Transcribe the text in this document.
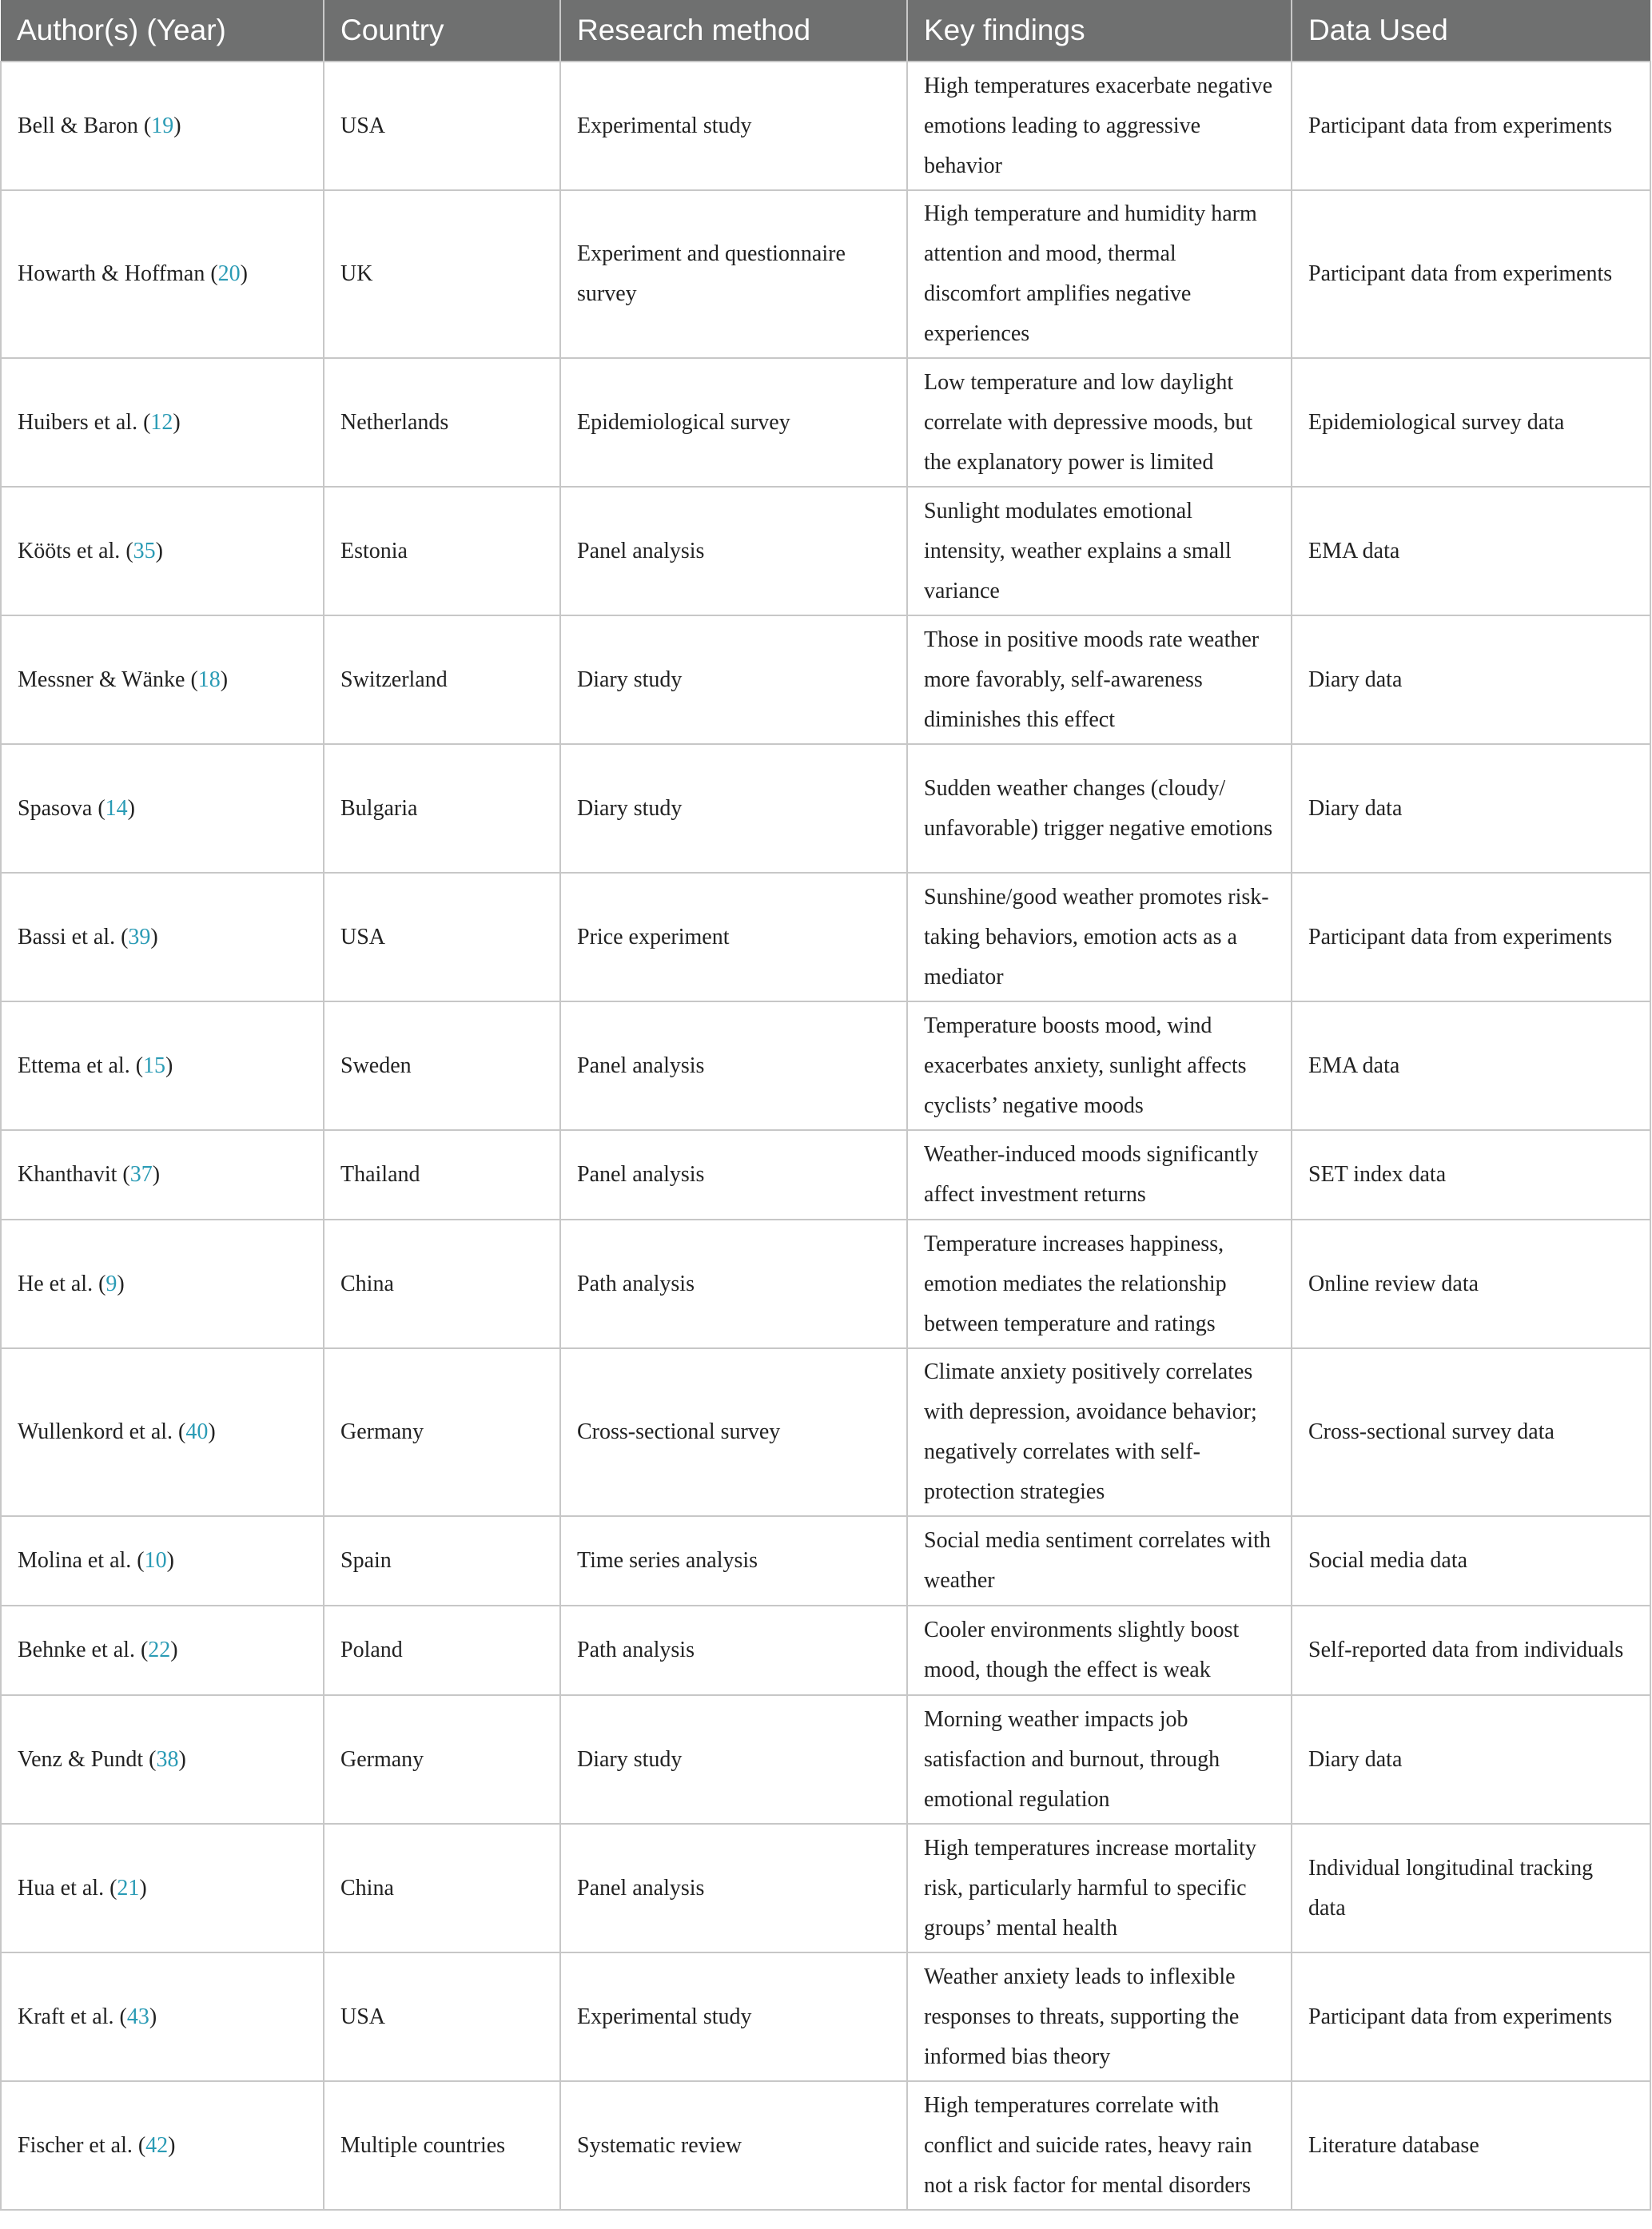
Author(s) (Year)	Country	Research method	Key findings	Data Used
Bell & Baron (19)	USA	Experimental study	High temperatures exacerbate negative emotions leading to aggressive behavior	Participant data from experiments
Howarth & Hoffman (20)	UK	Experiment and questionnaire survey	High temperature and humidity harm attention and mood, thermal discomfort amplifies negative experiences	Participant data from experiments
Huibers et al. (12)	Netherlands	Epidemiological survey	Low temperature and low daylight correlate with depressive moods, but the explanatory power is limited	Epidemiological survey data
Kööts et al. (35)	Estonia	Panel analysis	Sunlight modulates emotional intensity, weather explains a small variance	EMA data
Messner & Wänke (18)	Switzerland	Diary study	Those in positive moods rate weather more favorably, self-awareness diminishes this effect	Diary data
Spasova (14)	Bulgaria	Diary study	Sudden weather changes (cloudy/ unfavorable) trigger negative emotions	Diary data
Bassi et al. (39)	USA	Price experiment	Sunshine/good weather promotes risk-taking behaviors, emotion acts as a mediator	Participant data from experiments
Ettema et al. (15)	Sweden	Panel analysis	Temperature boosts mood, wind exacerbates anxiety, sunlight affects cyclists’ negative moods	EMA data
Khanthavit (37)	Thailand	Panel analysis	Weather-induced moods significantly affect investment returns	SET index data
He et al. (9)	China	Path analysis	Temperature increases happiness, emotion mediates the relationship between temperature and ratings	Online review data
Wullenkord et al. (40)	Germany	Cross-sectional survey	Climate anxiety positively correlates with depression, avoidance behavior; negatively correlates with self-protection strategies	Cross-sectional survey data
Molina et al. (10)	Spain	Time series analysis	Social media sentiment correlates with weather	Social media data
Behnke et al. (22)	Poland	Path analysis	Cooler environments slightly boost mood, though the effect is weak	Self-reported data from individuals
Venz & Pundt (38)	Germany	Diary study	Morning weather impacts job satisfaction and burnout, through emotional regulation	Diary data
Hua et al. (21)	China	Panel analysis	High temperatures increase mortality risk, particularly harmful to specific groups’ mental health	Individual longitudinal tracking data
Kraft et al. (43)	USA	Experimental study	Weather anxiety leads to inflexible responses to threats, supporting the informed bias theory	Participant data from experiments
Fischer et al. (42)	Multiple countries	Systematic review	High temperatures correlate with conflict and suicide rates, heavy rain not a risk factor for mental disorders	Literature database
